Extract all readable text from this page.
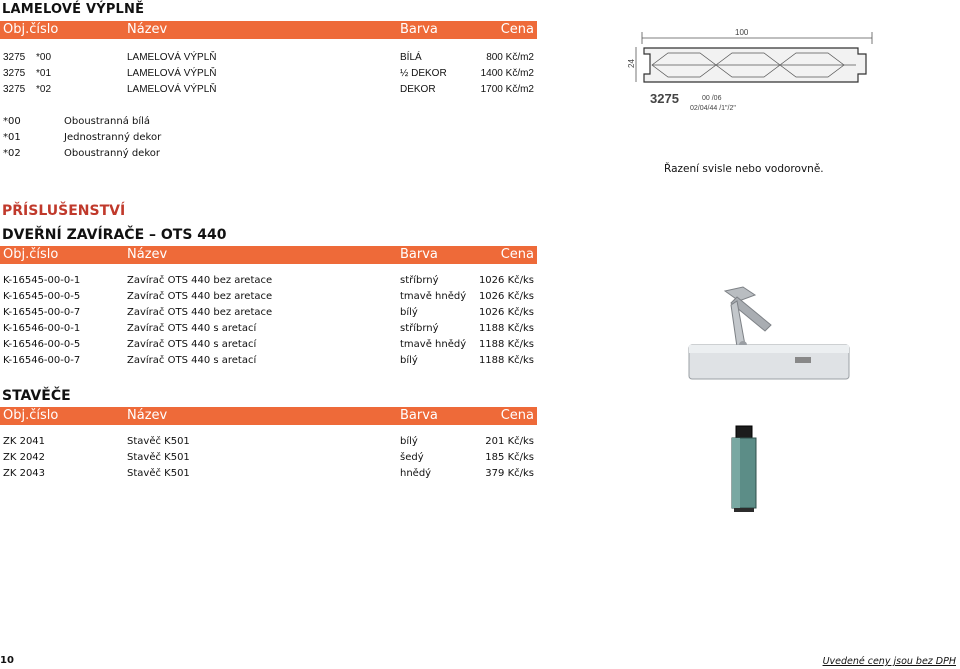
LAMELOVÉ VÝPLNĚ
Obj.číslo	Název	Barva	Cena
3275 *00	LAMELOVÁ VÝPLŇ	BÍLÁ	800 Kč/m2
3275 *01	LAMELOVÁ VÝPLŇ	½ DEKOR	1400 Kč/m2
3275 *02	LAMELOVÁ VÝPLŇ	DEKOR	1700 Kč/m2
*00	Oboustranná bílá
*01	Jednostranný dekor
*02	Oboustranný dekor
100
24
3275	00 /06
02/04/44 /1"/2"
Řazení svisle nebo vodorovně.
PŘÍSLUŠENSTVÍ
DVEŘNÍ ZAVÍRAČE – OTS 440
Obj.číslo	Název	Barva	Cena
K-16545-00-0-1	Zavírač OTS 440 bez aretace	stříbrný	1026 Kč/ks
K-16545-00-0-5	Zavírač OTS 440 bez aretace	tmavě hnědý 1026 Kč/ks
K-16545-00-0-7	Zavírač OTS 440 bez aretace	bílý	1026 Kč/ks
K-16546-00-0-1	Zavírač OTS 440 s aretací	stříbrný	1188 Kč/ks
K-16546-00-0-5	Zavírač OTS 440 s aretací	tmavě hnědý 1188 Kč/ks
K-16546-00-0-7	Zavírač OTS 440 s aretací	bílý	1188 Kč/ks
STAVĚČE
Obj.číslo	Název	Barva	Cena
ZK 2041	Stavěč K501	bílý	201 Kč/ks
ZK 2042	Stavěč K501	šedý	185 Kč/ks
ZK 2043	Stavěč K501	hnědý	379 Kč/ks
10	Uvedené ceny jsou bez DPH
